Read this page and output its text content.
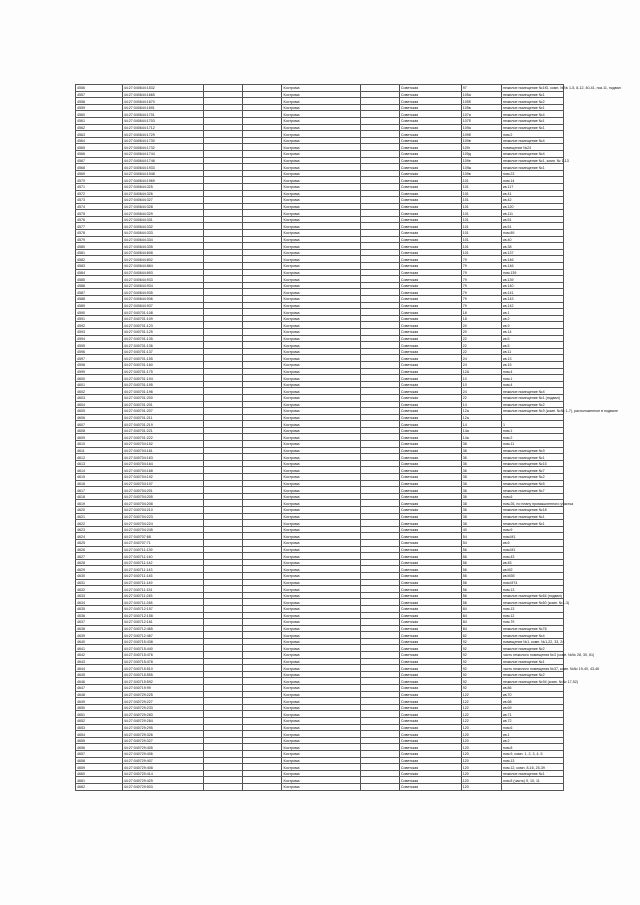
4556	44:27:040644:1532			Кострома		Советская	97	нежилое помещение №1Ю, комн. №№ 1-5, 8-12, 40-41, поз.11, подвал
4557	44:27:040644:1665			Кострома		Советская	105а	нежилое помещение №1
4558	44:27:040644:1670			Кострома		Советская	105б	нежилое помещение №2
4559	44:27:040644:1691			Кострома		Советская	105в	нежилое помещение №1
4560	44:27:040644:1701			Кострома		Советская	107а	нежилое помещение №4
4561	44:27:040644:1703			Кострома		Советская	107б	нежилое помещение №1
4562	44:27:040644:1712			Кострома		Советская	109а	нежилое помещение №1
4563	44:27:040644:1729			Кострома		Советская	109б	пом.2
4564	44:27:040644:1730			Кострома		Советская	109в	нежилое помещение №4
4565	44:27:040644:1732			Кострома		Советская	109г	помещение №24
4566	44:27:040644:1744			Кострома		Советская	109д	нежилое помещение №4
4567	44:27:040644:1746			Кострома		Советская	109е	нежилое помещение №1, комн. № 1-13
4568	44:27:040644:1933			Кострома		Советская	109ж	нежилое помещение №1
4569	44:27:040644:1948			Кострома		Советская	109в	пом.23
4570	44:27:040644:1969			Кострома		Советская	101	пом.14
4571	44:27:040644:325			Кострома		Советская	101	кв.117
4572	44:27:040644:326			Кострома		Советская	101	кв.41
4573	44:27:040644:327			Кострома		Советская	101	кв.42
4574	44:27:040644:328			Кострома		Советская	101	кв.120
4575	44:27:040644:329			Кострома		Советская	101	кв.111
4576	44:27:040644:331			Кострома		Советская	101	кв.51
4577	44:27:040644:332			Кострома		Советская	101	кв.51
4578	44:27:040644:333			Кострома		Советская	101	пом.89
4579	44:27:040644:334			Кострома		Советская	101	кв.40
4580	44:27:040644:335			Кострома		Советская	101	кв.38
4581	44:27:040644:608			Кострома		Советская	101	кв.137
4582	44:27:040644:802			Кострома		Советская	79	кв.146
4583	44:27:040644:864			Кострома		Советская	79	кв.146
4584	44:27:040644:893			Кострома		Советская	79	пом.139
4585	44:27:040644:933			Кострома		Советская	79	кв.139
4586	44:27:040644:934			Кострома		Советская	79	кв.140
4587	44:27:040644:935			Кострома		Советская	79	кв.141
4588	44:27:040644:936			Кострома		Советская	79	кв.143
4589	44:27:040644:937			Кострома		Советская	79	кв.142
4590	44:27:040701:108			Кострома		Советская	18	кв.1
4591	44:27:040701:109			Кострома		Советская	18	кв.2
4592	44:27:040701:123			Кострома		Советская	20	кв.9
4593	44:27:040701:125			Кострома		Советская	20	кв.14
4594	44:27:040701:135			Кострома		Советская	22	кв.5
4595	44:27:040701:136			Кострома		Советская	22	кв.5
4596	44:27:040701:137			Кострома		Советская	22	кв.11
4597	44:27:040701:155			Кострома		Советская	24	кв.13
4598	44:27:040701:160			Кострома		Советская	24	кв.15
4599	44:27:040701:175			Кострома		Советская	12А	пом.4
4600	44:27:040701:194			Кострома		Советская	10	пом.1
4601	44:27:040701:195			Кострома		Советская	10	пом.4
4602	44:27:040701:196			Кострома		Советская	24	нежилое помещение №4
4603	44:27:040701:200			Кострома		Советская	22	нежилое помещение №1 (подвал)
4604	44:27:040701:201			Кострома		Советская	14	нежилое помещение №2
4605	44:27:040701:207			Кострома		Советская	12а	нежилое помещение №9 (комн. №№ 1-7), расположенное в подвале
4606	44:27:040701:211			Кострома		Советская	12а	
4607	44:27:040701:219			Кострома		Советская	14	1
4608	44:27:040701:221			Кострома		Советская	14а	пом.1
4609	44:27:040701:222			Кострома		Советская	14а	пом.2
4610	44:27:040704:152			Кострома		Советская	38	пом.11
4611	44:27:040704:161			Кострома		Советская	38	нежилое помещение №9
4612	44:27:040704:163			Кострома		Советская	36	нежилое помещение №1
4613	44:27:040704:164			Кострома		Советская	36	нежилое помещение №15
4614	44:27:040704:168			Кострома		Советская	36	нежилое помещение №7
4615	44:27:040704:192			Кострома		Советская	38	нежилое помещение №2
4616	44:27:040704:197			Кострома		Советская	38	нежилое помещение №5
4617	44:27:040704:201			Кострома		Советская	36	нежилое помещение №7
4618	44:27:040704:205			Кострома		Советская	36	пом.6
4619	44:27:040704:208			Кострома		Советская	38	пом.26, по плану промышленного участка
4620	44:27:040704:210			Кострома		Советская	36	нежилое помещение №18
4621	44:27:040704:223			Кострома		Советская	38	нежилое помещение №1
4622	44:27:040704:224			Кострома		Советская	38	нежилое помещение №1
4623	44:27:040704:245			Кострома		Советская	40	пом.9
4624	44:27:040707:68			Кострома		Советская	54	пом.М1
4625	44:27:040707:71			Кострома		Советская	54	кв.6
4626	44:27:040711:139			Кострома		Советская	56	пом.М1
4627	44:27:040711:140			Кострома		Советская	56	пом.43
4628	44:27:040711:142			Кострома		Советская	56	кв.45
4629	44:27:040711:143			Кострома		Советская	56	кв.М2
4630	44:27:040711:145			Кострома		Советская	56	кв.М3б
4631	44:27:040711:149			Кострома		Советская	56	пом.М74
4632	44:27:040711:151			Кострома		Советская	56	пом.13
4633	44:27:040711:245			Кострома		Советская	56	нежилое помещение №64 (подвал)
4634	44:27:040711:248			Кострома		Советская	56	нежилое помещение №60 (комн. №1-3)
4635	44:27:040712:157			Кострома		Советская	84	пом.13
4636	44:27:040712:158			Кострома		Советская	84	пом.12
4637	44:27:040712:161			Кострома		Советская	84	пом.79
4638	44:27:040712:465			Кострома		Советская	84	нежилое помещение №76
4639	44:27:040712:467			Кострома		Советская	82	нежилое помещение №4
4640	44:27:040715:438			Кострома		Советская	92	помещение №1, комн. №1-22, 33, 24
4641	44:27:040715:440			Кострома		Советская	92	нежилое помещение №2
4642	44:27:040715:476			Кострома		Советская	92	часть нежилого помещения №3 (комн. №№ 28, 30, 61)
4643	44:27:040715:478			Кострома		Советская	92	нежилое помещение №1
4644	44:27:040715:510			Кострома		Советская	92	часть нежилого помещения №37, комн. №№ 19-40, 43-46
4645	44:27:040715:555			Кострома		Советская	92	нежилое помещение №2
4646	44:27:040715:592			Кострома		Советская	92	нежилое помещение №94 (комн. №№ 17-52)
4647	44:27:040719:99			Кострома		Советская	92	кв.86
4648	44:27:040729:225			Кострома		Советская	122	кв.70
4649	44:27:040729:227			Кострома		Советская	122	кв.68
4650	44:27:040729:233			Кострома		Советская	122	кв.69
4651	44:27:040729:283			Кострома		Советская	122	кв.71
4652	44:27:040729:284			Кострома		Советская	122	кв.72
4653	44:27:040729:295			Кострома		Советская	120	пом.6
4654	44:27:040729:326			Кострома		Советская	120	кв.1
4655	44:27:040729:327			Кострома		Советская	120	кв.2
4656	44:27:040729:405			Кострома		Советская	120	пом.8
4657	44:27:040729:406			Кострома		Советская	120	пом.9, комн. 1, 2, 3, 4, 5
4658	44:27:040729:407			Кострома		Советская	120	пом.13
4659	44:27:040729:408			Кострома		Советская	120	пом.12, комн. 8-16, 25-39
4660	44:27:040729:414			Кострома		Советская	120	нежилое помещение №1
4661	44:27:040729:429			Кострома		Советская	120	пом.8 (часть) 9, 10, 11
4662	44:27:040729:503			Кострома		Советская	120	
